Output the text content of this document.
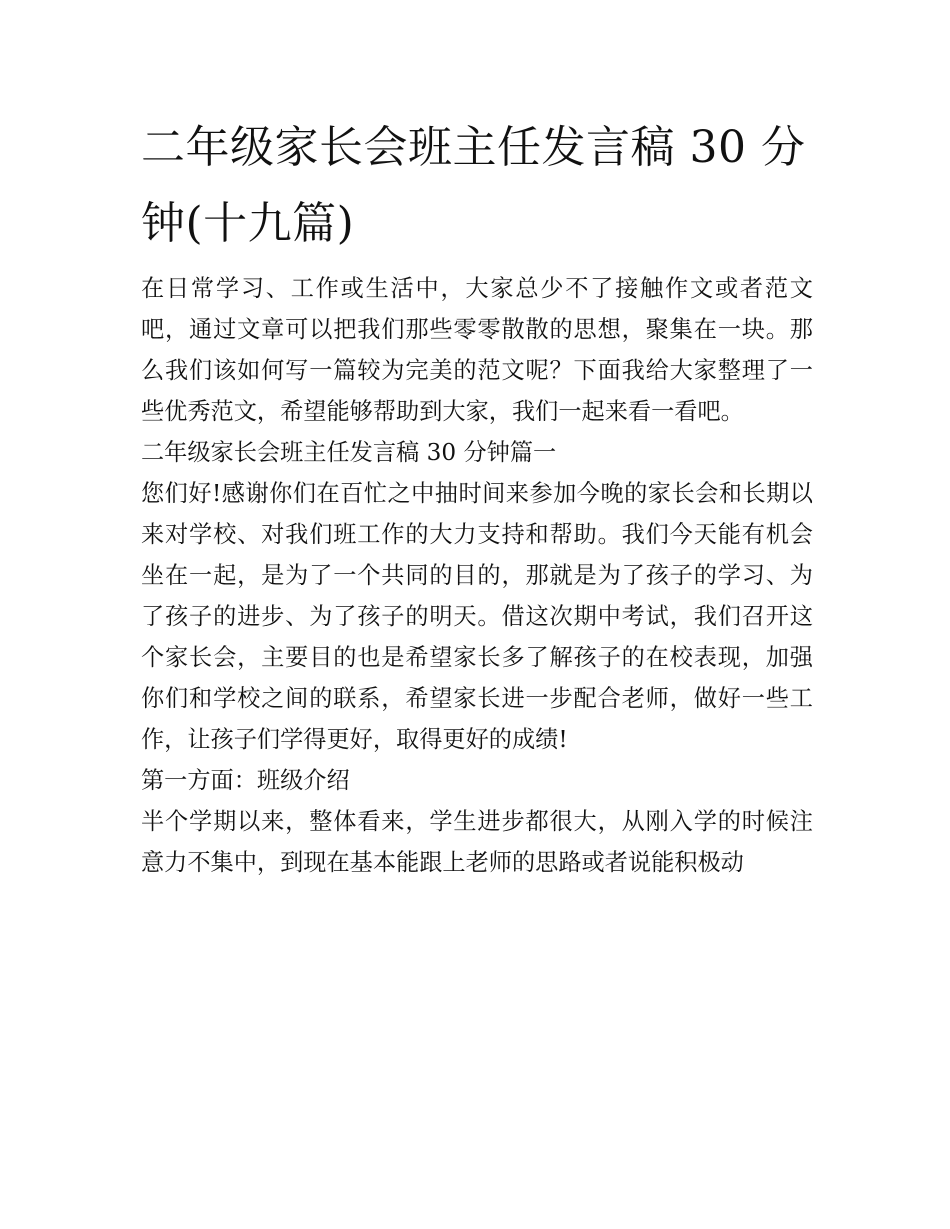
二年级家长会班主任发言稿 30 分钟(十九篇)

在日常学习、工作或生活中，大家总少不了接触作文或者范文吧，通过文章可以把我们那些零零散散的思想，聚集在一块。那么我们该如何写一篇较为完美的范文呢？下面我给大家整理了一些优秀范文，希望能够帮助到大家，我们一起来看一看吧。

二年级家长会班主任发言稿 30 分钟篇一

您们好!感谢你们在百忙之中抽时间来参加今晚的家长会和长期以来对学校、对我们班工作的大力支持和帮助。我们今天能有机会坐在一起，是为了一个共同的目的，那就是为了孩子的学习、为了孩子的进步、为了孩子的明天。借这次期中考试，我们召开这个家长会，主要目的也是希望家长多了解孩子的在校表现，加强你们和学校之间的联系，希望家长进一步配合老师，做好一些工作，让孩子们学得更好，取得更好的成绩!

第一方面：班级介绍

半个学期以来，整体看来，学生进步都很大，从刚入学的时候注意力不集中，到现在基本能跟上老师的思路或者说能积极动
